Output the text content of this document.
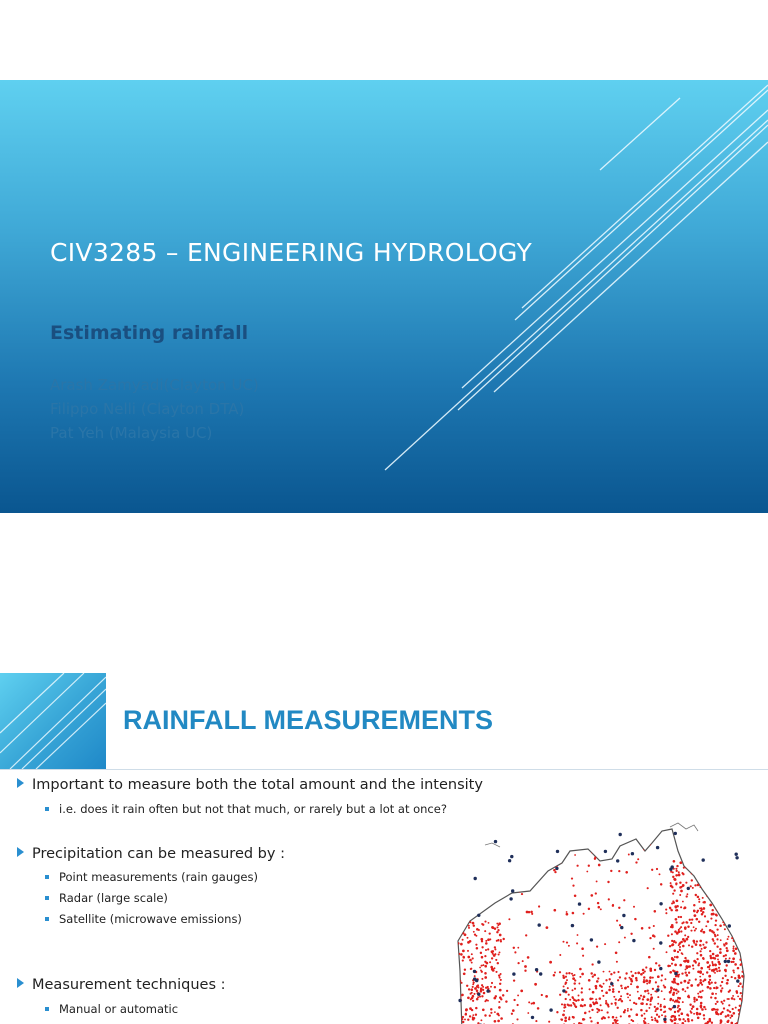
CIV3285 – ENGINEERING HYDROLOGY
Estimating rainfall
Arash Zamyadi(Clayton UC)
Filippo Nelli (Clayton DTA)
Pat Yeh (Malaysia UC)
RAINFALL MEASUREMENTS
Important to measure both the total amount and the intensity
i.e. does it rain often but not that much, or rarely but a lot at once?
Precipitation can be measured by :
Point measurements (rain gauges)
Radar (large scale)
Satellite (microwave emissions)
Measurement techniques :
Manual or automatic
